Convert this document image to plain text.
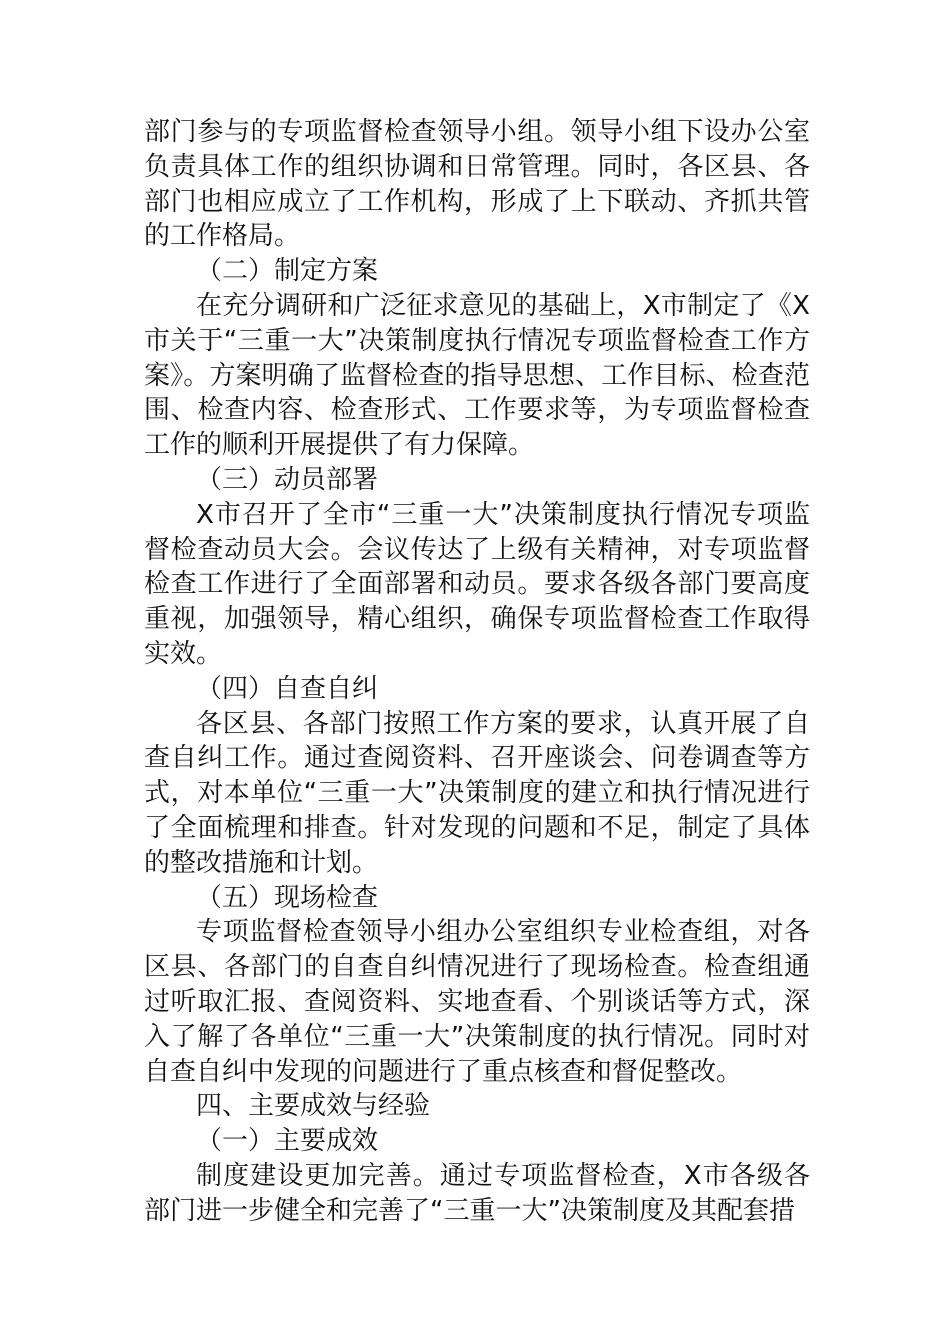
部门参与的专项监督检查领导小组。领导小组下设办公室负责具体工作的组织协调和日常管理。同时，各区县、各部门也相应成立了工作机构，形成了上下联动、齐抓共管的工作格局。

（二）制定方案

在充分调研和广泛征求意见的基础上，X市制定了《X市关于“三重一大”决策制度执行情况专项监督检查工作方案》。方案明确了监督检查的指导思想、工作目标、检查范围、检查内容、检查形式、工作要求等，为专项监督检查工作的顺利开展提供了有力保障。

（三）动员部署

X市召开了全市“三重一大”决策制度执行情况专项监督检查动员大会。会议传达了上级有关精神，对专项监督检查工作进行了全面部署和动员。要求各级各部门要高度重视，加强领导，精心组织，确保专项监督检查工作取得实效。

（四）自查自纠

各区县、各部门按照工作方案的要求，认真开展了自查自纠工作。通过查阅资料、召开座谈会、问卷调查等方式，对本单位“三重一大”决策制度的建立和执行情况进行了全面梳理和排查。针对发现的问题和不足，制定了具体的整改措施和计划。

（五）现场检查

专项监督检查领导小组办公室组织专业检查组，对各区县、各部门的自查自纠情况进行了现场检查。检查组通过听取汇报、查阅资料、实地查看、个别谈话等方式，深入了解了各单位“三重一大”决策制度的执行情况。同时对自查自纠中发现的问题进行了重点核查和督促整改。

四、主要成效与经验

（一）主要成效

制度建设更加完善。通过专项监督检查，X市各级各部门进一步健全和完善了“三重一大”决策制度及其配套措
